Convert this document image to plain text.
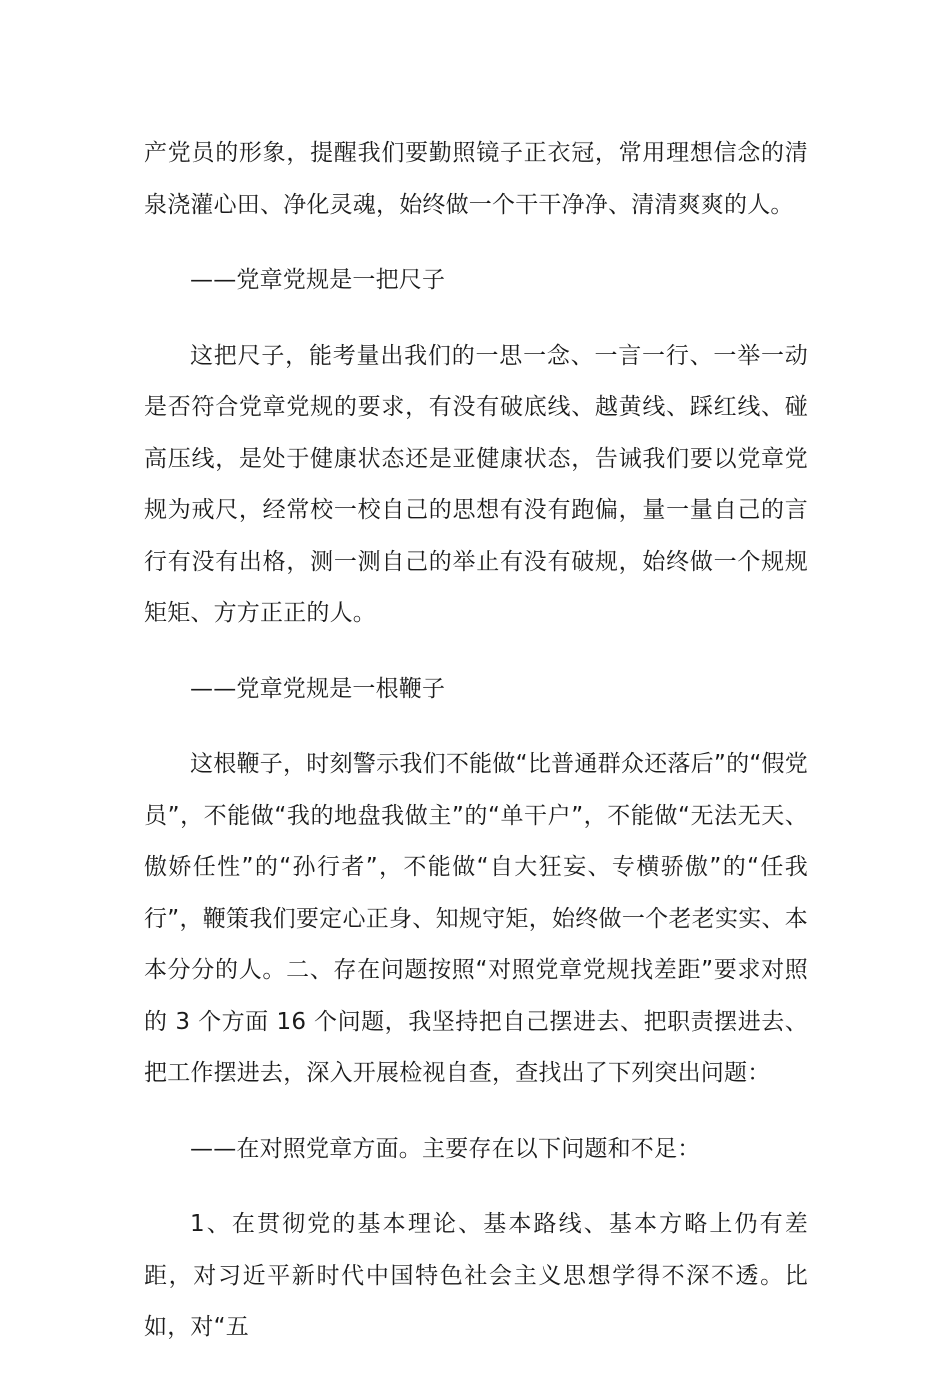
产党员的形象，提醒我们要勤照镜子正衣冠，常用理想信念的清泉浇灌心田、净化灵魂，始终做一个干干净净、清清爽爽的人。

——党章党规是一把尺子

这把尺子，能考量出我们的一思一念、一言一行、一举一动是否符合党章党规的要求，有没有破底线、越黄线、踩红线、碰高压线，是处于健康状态还是亚健康状态，告诫我们要以党章党规为戒尺，经常校一校自己的思想有没有跑偏，量一量自己的言行有没有出格，测一测自己的举止有没有破规，始终做一个规规矩矩、方方正正的人。

——党章党规是一根鞭子

这根鞭子，时刻警示我们不能做“比普通群众还落后”的“假党员”，不能做“我的地盘我做主”的“单干户”，不能做“无法无天、傲娇任性”的“孙行者”，不能做“自大狂妄、专横骄傲”的“任我行”，鞭策我们要定心正身、知规守矩，始终做一个老老实实、本本分分的人。二、存在问题按照“对照党章党规找差距”要求对照的 3 个方面 16 个问题，我坚持把自己摆进去、把职责摆进去、把工作摆进去，深入开展检视自查，查找出了下列突出问题：

——在对照党章方面。主要存在以下问题和不足：

1、在贯彻党的基本理论、基本路线、基本方略上仍有差距，对习近平新时代中国特色社会主义思想学得不深不透。比如，对“五
